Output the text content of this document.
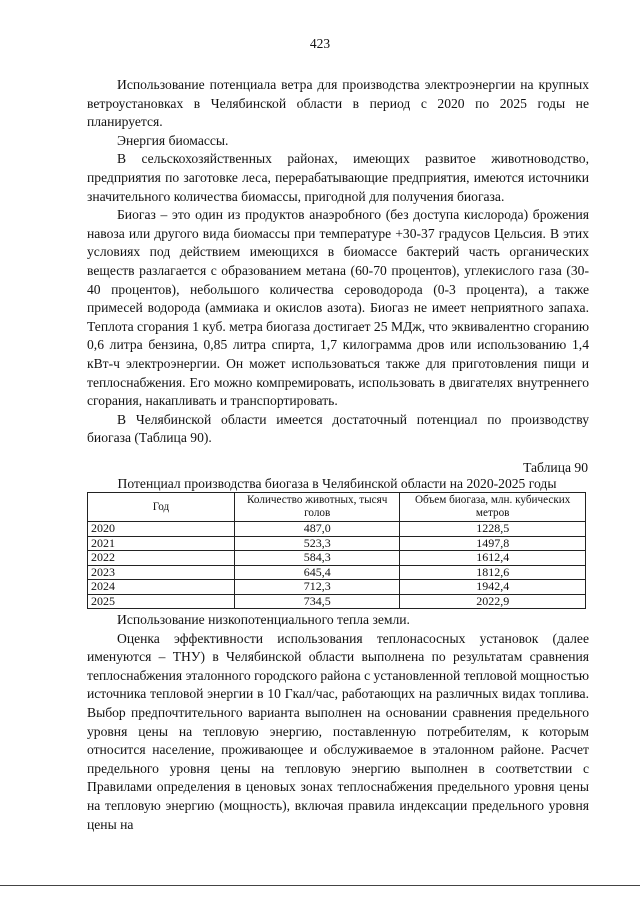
423

Использование потенциала ветра для производства электроэнергии на крупных ветроустановках в Челябинской области в период с 2020 по 2025 годы не планируется.

Энергия биомассы.

В сельскохозяйственных районах, имеющих развитое животноводство, предприятия по заготовке леса, перерабатывающие предприятия, имеются источники значительного количества биомассы, пригодной для получения биогаза.

Биогаз – это один из продуктов анаэробного (без доступа кислорода) брожения навоза или другого вида биомассы при температуре +30-37 градусов Цельсия. В этих условиях под действием имеющихся в биомассе бактерий часть органических веществ разлагается с образованием метана (60-70 процентов), углекислого газа (30-40 процентов), небольшого количества сероводорода (0-3 процента), а также примесей водорода (аммиака и окислов азота). Биогаз не имеет неприятного запаха. Теплота сгорания 1 куб. метра биогаза достигает 25 МДж, что эквивалентно сгоранию 0,6 литра бензина, 0,85 литра спирта, 1,7 килограмма дров или использованию 1,4 кВт-ч электроэнергии. Он может использоваться также для приготовления пищи и теплоснабжения. Его можно компремировать, использовать в двигателях внутреннего сгорания, накапливать и транспортировать.

В Челябинской области имеется достаточный потенциал по производству биогаза (Таблица 90).

Таблица 90
Потенциал производства биогаза в Челябинской области на 2020-2025 годы
Год	Количество животных, тысяч голов	Объем биогаза, млн. кубических метров
2020	487,0	1228,5
2021	523,3	1497,8
2022	584,3	1612,4
2023	645,4	1812,6
2024	712,3	1942,4
2025	734,5	2022,9

Использование низкопотенциального тепла земли.

Оценка эффективности использования теплонасосных установок (далее именуются – ТНУ) в Челябинской области выполнена по результатам сравнения теплоснабжения эталонного городского района с установленной тепловой мощностью источника тепловой энергии в 10 Гкал/час, работающих на различных видах топлива. Выбор предпочтительного варианта выполнен на основании сравнения предельного уровня цены на тепловую энергию, поставленную потребителям, к которым относится население, проживающее и обслуживаемое в эталонном районе. Расчет предельного уровня цены на тепловую энергию выполнен в соответствии с Правилами определения в ценовых зонах теплоснабжения предельного уровня цены на тепловую энергию (мощность), включая правила индексации предельного уровня цены на
